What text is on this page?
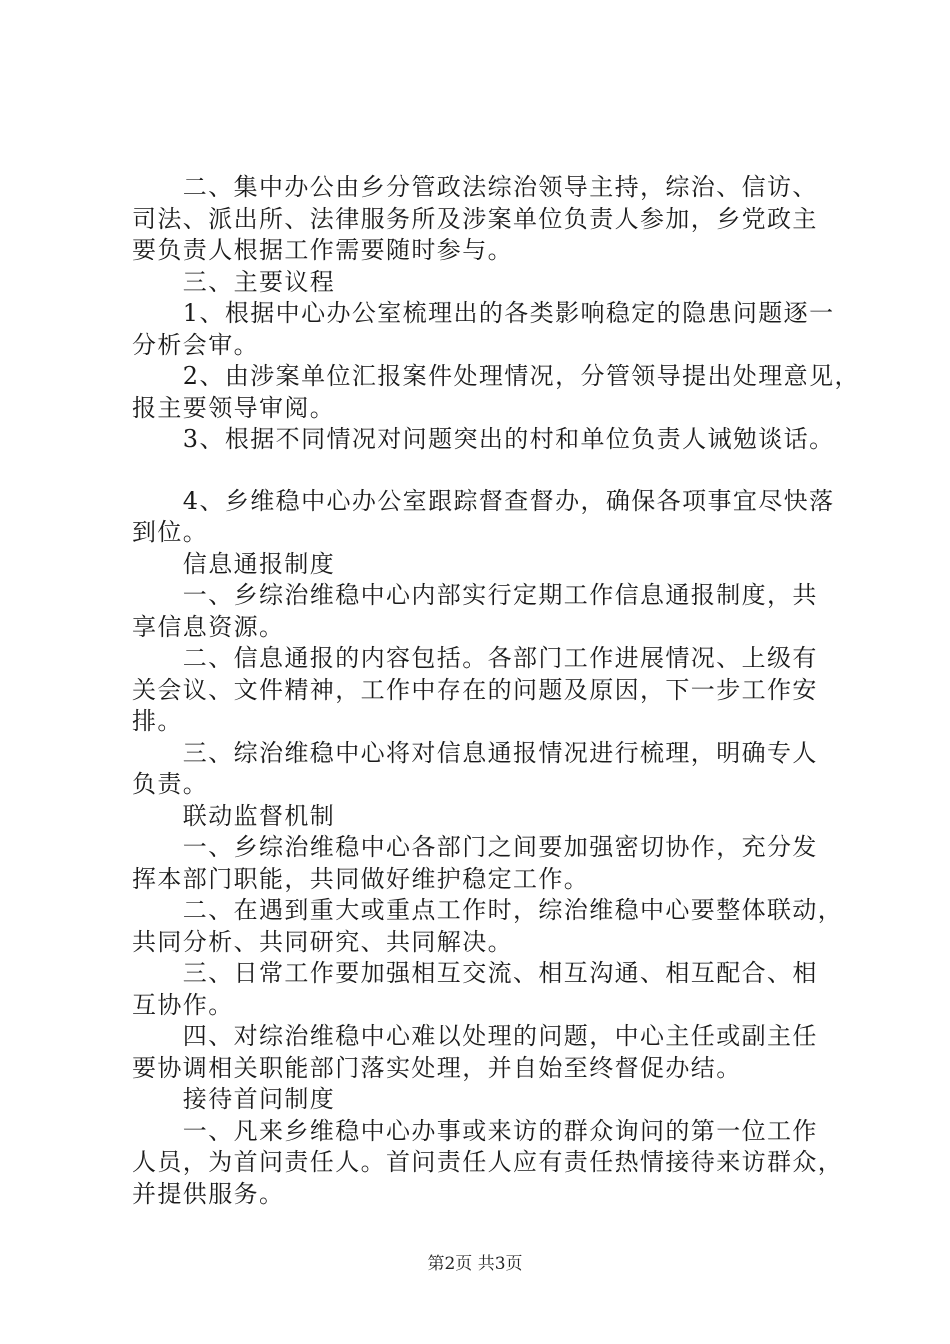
　　二、集中办公由乡分管政法综治领导主持，综治、信访、
司法、派出所、法律服务所及涉案单位负责人参加，乡党政主
要负责人根据工作需要随时参与。
　　三、主要议程
　　1、根据中心办公室梳理出的各类影响稳定的隐患问题逐一
分析会审。
　　2、由涉案单位汇报案件处理情况，分管领导提出处理意见，
报主要领导审阅。
　　3、根据不同情况对问题突出的村和单位负责人诫勉谈话。
　　4、乡维稳中心办公室跟踪督查督办，确保各项事宜尽快落
到位。
　　信息通报制度
　　一、乡综治维稳中心内部实行定期工作信息通报制度，共
享信息资源。
　　二、信息通报的内容包括。各部门工作进展情况、上级有
关会议、文件精神，工作中存在的问题及原因，下一步工作安
排。
　　三、综治维稳中心将对信息通报情况进行梳理，明确专人
负责。
　　联动监督机制
　　一、乡综治维稳中心各部门之间要加强密切协作，充分发
挥本部门职能，共同做好维护稳定工作。
　　二、在遇到重大或重点工作时，综治维稳中心要整体联动，
共同分析、共同研究、共同解决。
　　三、日常工作要加强相互交流、相互沟通、相互配合、相
互协作。
　　四、对综治维稳中心难以处理的问题，中心主任或副主任
要协调相关职能部门落实处理，并自始至终督促办结。
　　接待首问制度
　　一、凡来乡维稳中心办事或来访的群众询问的第一位工作
人员，为首问责任人。首问责任人应有责任热情接待来访群众，
并提供服务。
第2页 共3页
